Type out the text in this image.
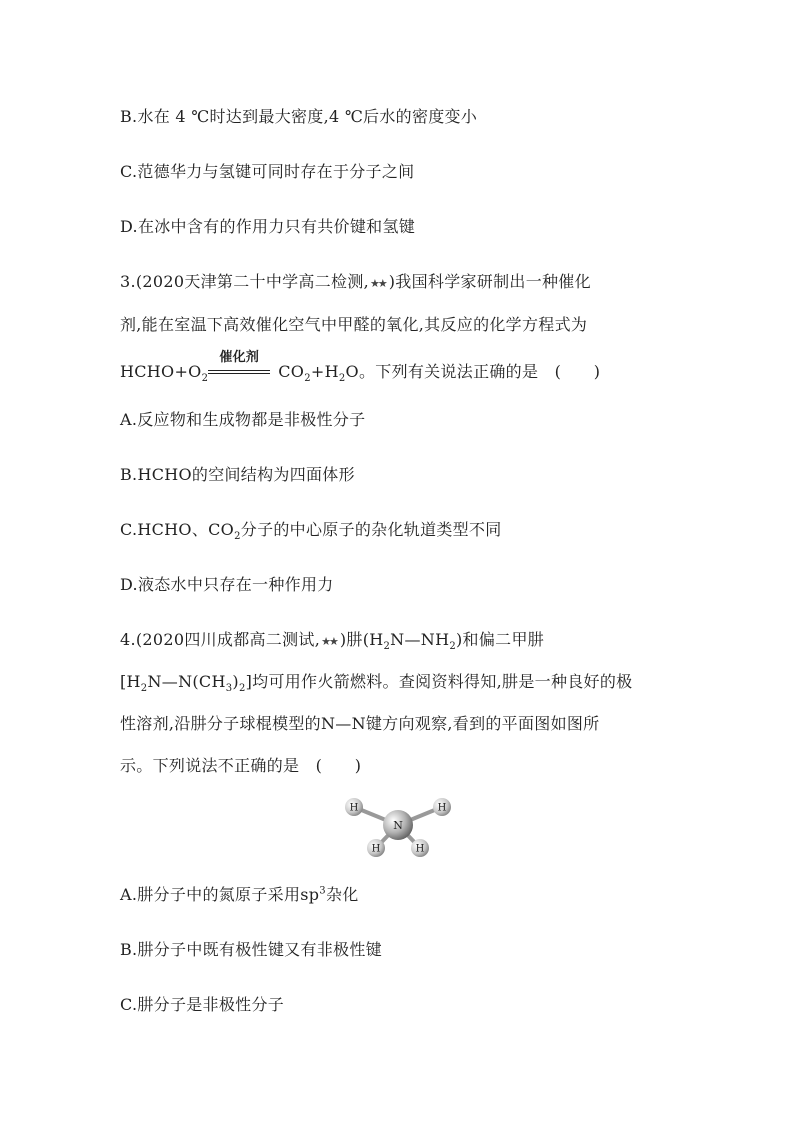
B.水在 4 ℃时达到最大密度,4 ℃后水的密度变小
C.范德华力与氢键可同时存在于分子之间
D.在冰中含有的作用力只有共价键和氢键
3.(2020天津第二十中学高二检测,★★ )我国科学家研制出一种催化
剂,能在室温下高效催化空气中甲醛的氧化,其反应的化学方程式为
$HCHO+O_2$
催化剂
$CO_2+H_2O$。下列有关说法正确的是　(　　)
A.反应物和生成物都是非极性分子
B.HCHO的空间结构为四面体形
C.HCHO、$CO_2$分子的中心原子的杂化轨道类型不同
D.液态水中只存在一种作用力
4.(2020四川成都高二测试,★★ )肼$(H_2N—NH_2)$和偏二甲肼
$[H_2N—N(CH_3)_2]$均可用作火箭燃料。查阅资料得知,肼是一种良好的极
性溶剂,沿肼分子球棍模型的N—N键方向观察,看到的平面图如图所
示。下列说法不正确的是　(　　)
H	H
H	H
N
A.肼分子中的氮原子采用$sp^3$杂化
B.肼分子中既有极性键又有非极性键
C.肼分子是非极性分子
